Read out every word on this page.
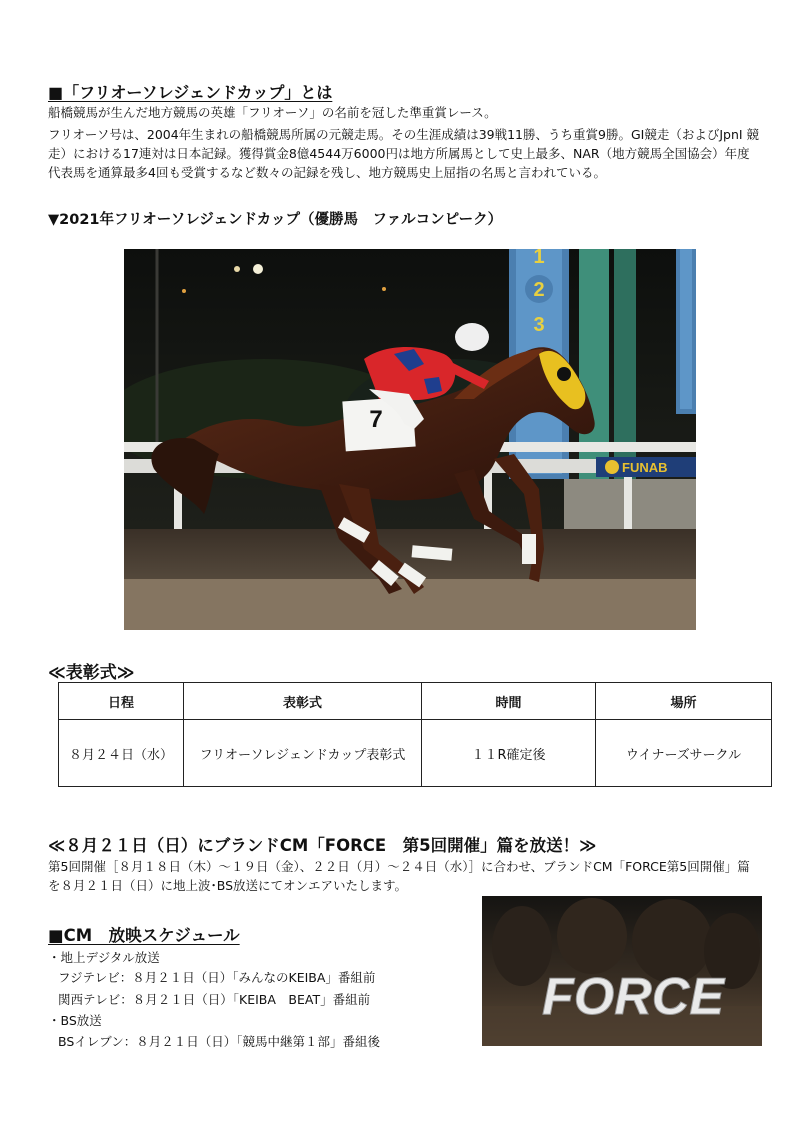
■「フリオーソレジェンドカップ」とは
船橋競馬が生んだ地方競馬の英雄「フリオーソ」の名前を冠した準重賞レース。
フリオーソ号は、2004年生まれの船橋競馬所属の元競走馬。その生涯成績は39戦11勝、うち重賞9勝。GI競走（およびJpnI 競走）における17連対は日本記録。獲得賞金8億4544万6000円は地方所属馬として史上最多、NAR（地方競馬全国協会）年度代表馬を通算最多4回も受賞するなど数々の記録を残し、地方競馬史上屈指の名馬と言われている。
▼2021年フリオーソレジェンドカップ（優勝馬　ファルコンピーク）
1
2
3
FUNAB
7
≪表彰式≫
日程	表彰式	時間	場所
８月２４日（水）	フリオーソレジェンドカップ表彰式	１１R確定後	ウイナーズサークル
≪８月２１日（日）にブランドCM「FORCE　第5回開催」篇を放送！≫
第5回開催［８月１８日（木）～１９日（金）、２２日（月）～２４日（水）］に合わせ、ブランドCM「FORCE第5回開催」篇を８月２１日（日）に地上波･BS放送にてオンエアいたします。
■CM　放映スケジュール
・地上デジタル放送
フジテレビ：８月２１日（日）「みんなのKEIBA」番組前
関西テレビ：８月２１日（日）「KEIBA　BEAT」番組前
・BS放送
BSイレブン：８月２１日（日）「競馬中継第１部」番組後
FORCE
